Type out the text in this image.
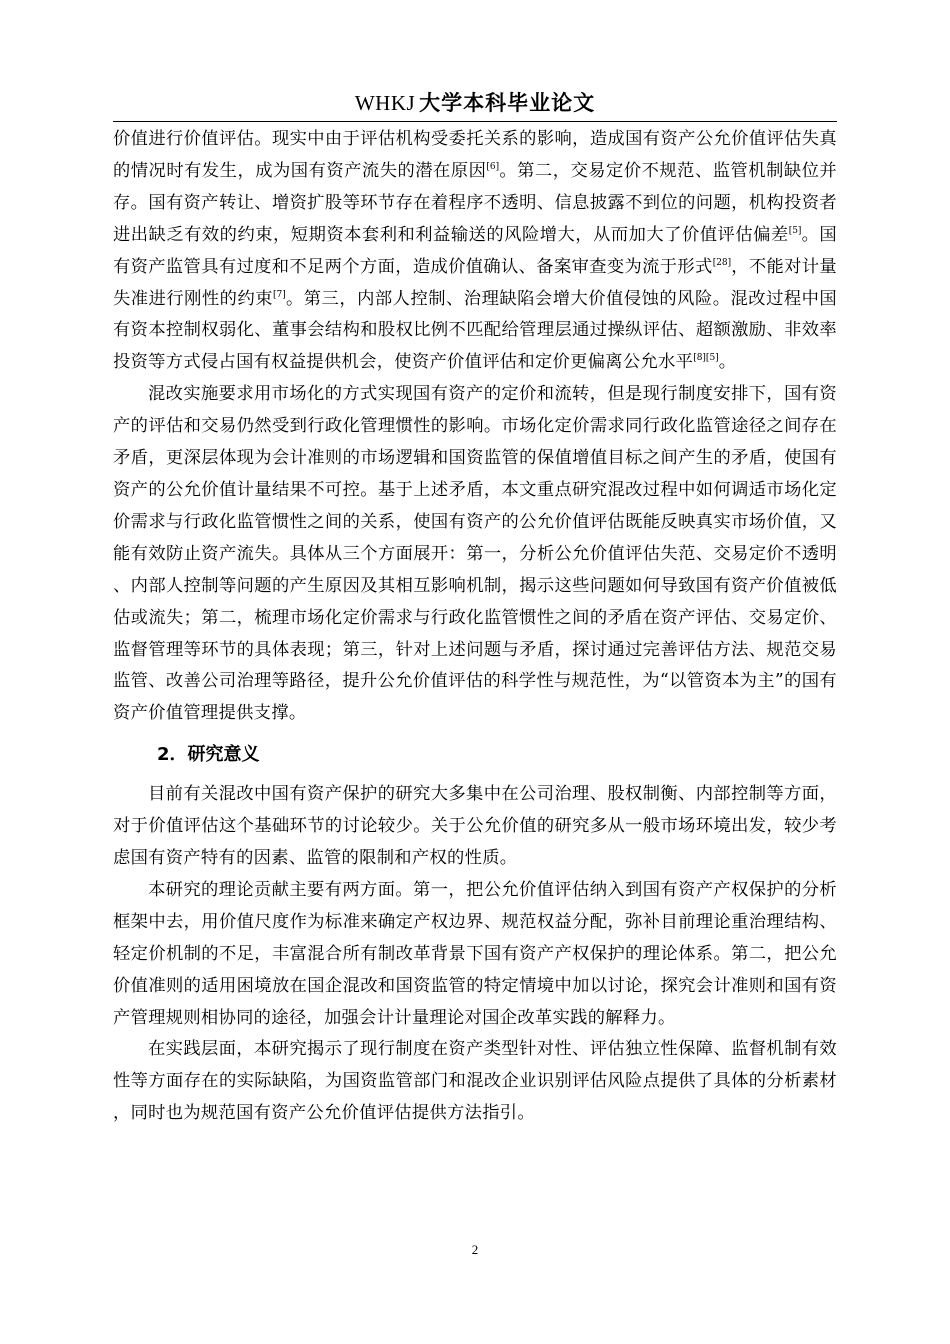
WHKJ 大学本科毕业论文

价值进行价值评估。现实中由于评估机构受委托关系的影响，造成国有资产公允价值评估失真的情况时有发生，成为国有资产流失的潜在原因[6]。第二，交易定价不规范、监管机制缺位并存。国有资产转让、增资扩股等环节存在着程序不透明、信息披露不到位的问题，机构投资者进出缺乏有效的约束，短期资本套利和利益输送的风险增大，从而加大了价值评估偏差[5]。国有资产监管具有过度和不足两个方面，造成价值确认、备案审查变为流于形式[28]，不能对计量失准进行刚性的约束[7]。第三，内部人控制、治理缺陷会增大价值侵蚀的风险。混改过程中国有资本控制权弱化、董事会结构和股权比例不匹配给管理层通过操纵评估、超额激励、非效率投资等方式侵占国有权益提供机会，使资产价值评估和定价更偏离公允水平[8][5]。

混改实施要求用市场化的方式实现国有资产的定价和流转，但是现行制度安排下，国有资产的评估和交易仍然受到行政化管理惯性的影响。市场化定价需求同行政化监管途径之间存在矛盾，更深层体现为会计准则的市场逻辑和国资监管的保值增值目标之间产生的矛盾，使国有资产的公允价值计量结果不可控。基于上述矛盾，本文重点研究混改过程中如何调适市场化定价需求与行政化监管惯性之间的关系，使国有资产的公允价值评估既能反映真实市场价值，又能有效防止资产流失。具体从三个方面展开：第一，分析公允价值评估失范、交易定价不透明、内部人控制等问题的产生原因及其相互影响机制，揭示这些问题如何导致国有资产价值被低估或流失；第二，梳理市场化定价需求与行政化监管惯性之间的矛盾在资产评估、交易定价、监督管理等环节的具体表现；第三，针对上述问题与矛盾，探讨通过完善评估方法、规范交易监管、改善公司治理等路径，提升公允价值评估的科学性与规范性，为“以管资本为主”的国有资产价值管理提供支撑。

2．研究意义

目前有关混改中国有资产保护的研究大多集中在公司治理、股权制衡、内部控制等方面，对于价值评估这个基础环节的讨论较少。关于公允价值的研究多从一般市场环境出发，较少考虑国有资产特有的因素、监管的限制和产权的性质。

本研究的理论贡献主要有两方面。第一，把公允价值评估纳入到国有资产产权保护的分析框架中去，用价值尺度作为标准来确定产权边界、规范权益分配，弥补目前理论重治理结构、轻定价机制的不足，丰富混合所有制改革背景下国有资产产权保护的理论体系。第二，把公允价值准则的适用困境放在国企混改和国资监管的特定情境中加以讨论，探究会计准则和国有资产管理规则相协同的途径，加强会计计量理论对国企改革实践的解释力。

在实践层面，本研究揭示了现行制度在资产类型针对性、评估独立性保障、监督机制有效性等方面存在的实际缺陷，为国资监管部门和混改企业识别评估风险点提供了具体的分析素材，同时也为规范国有资产公允价值评估提供方法指引。

2
